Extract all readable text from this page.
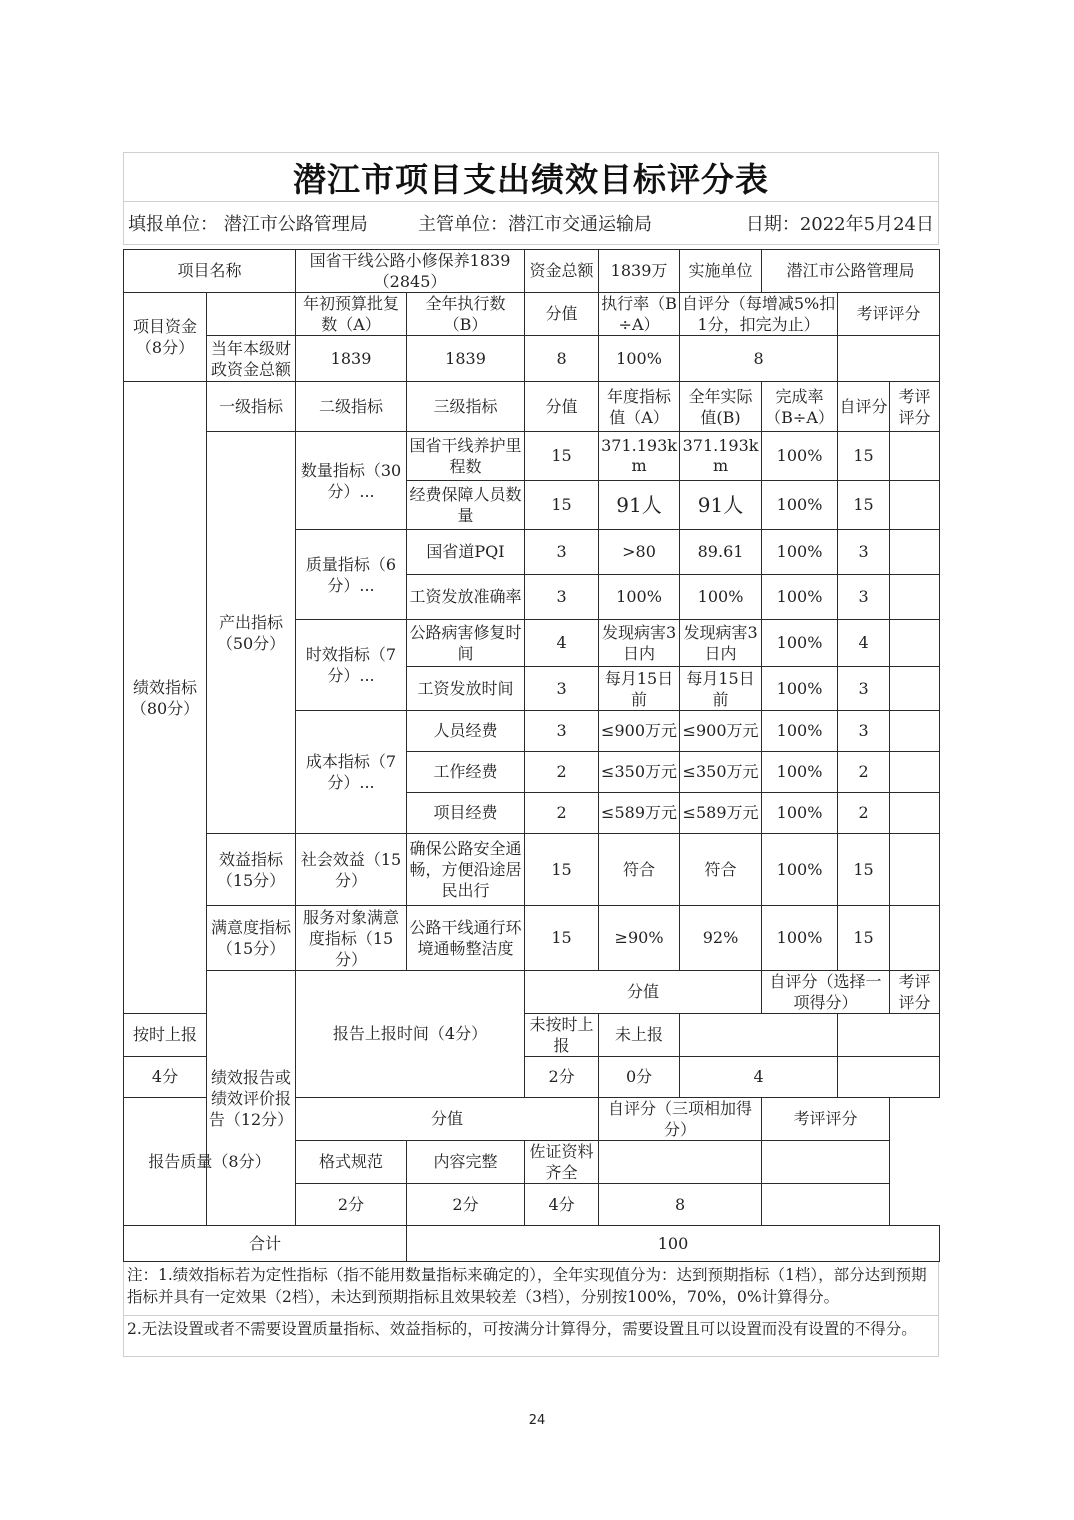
潜江市项目支出绩效目标评分表
填报单位： 潜江市公路管理局	主管单位：潜江市交通运输局	日期：2022年5月24日
项目名称		国省干线公路小修保养1839（2845）		资金总额	1839万	实施单位	潜江市公路管理局			
项目资金（8分）		年初预算批复数（A）	全年执行数（B）	分值	执行率（B÷A）	自评分（每增减5%扣1分，扣完为止）		考评评分		
	当年本级财政资金总额	1839	1839	8	100%	8				
绩效指标（80分）	一级指标	二级指标	三级指标	分值	年度指标值（A）	全年实际值(B)	完成率（B÷A）	自评分	考评评分	
	产出指标（50分）	数量指标（30分）...	国省干线养护里程数	15	371.193km	371.193km	100%	15		
			经费保障人员数量	15	91人	91人	100%	15		
		质量指标（6分）...	国省道PQI	3	>80	89.61	100%	3		
			工资发放准确率	3	100%	100%	100%	3		
		时效指标（7分）...	公路病害修复时间	4	发现病害3日内	发现病害3日内	100%	4		
			工资发放时间	3	每月15日前	每月15日前	100%	3		
		成本指标（7分）...	人员经费	3	≤900万元	≤900万元	100%	3		
			工作经费	2	≤350万元	≤350万元	100%	2		
			项目经费	2	≤589万元	≤589万元	100%	2		
	效益指标（15分）	社会效益（15分）	确保公路安全通畅，方便沿途居民出行	15	符合	符合	100%	15		
	满意度指标（15分）	服务对象满意度指标（15分）	公路干线通行环境通畅整洁度	15	≥90%	92%	100%	15		
	绩效报告或绩效评价报告（12分）	报告上报时间（4分）		分值			自评分（选择一项得分）		考评评分	
按时上报				未按时上报	未上报					
4分				2分	0分	4				
报告质量（8分）		分值			自评分（三项相加得分）		考评评分			
		格式规范	内容完整	佐证资料齐全						
		2分	2分	4分	8					
合计			100							
注：1.绩效指标若为定性指标（指不能用数量指标来确定的），全年实现值分为：达到预期指标（1档），部分达到预期指标并具有一定效果（2档），未达到预期指标且效果较差（3档），分别按100%，70%，0%计算得分。
2.无法设置或者不需要设置质量指标、效益指标的，可按满分计算得分，需要设置且可以设置而没有设置的不得分。
24
